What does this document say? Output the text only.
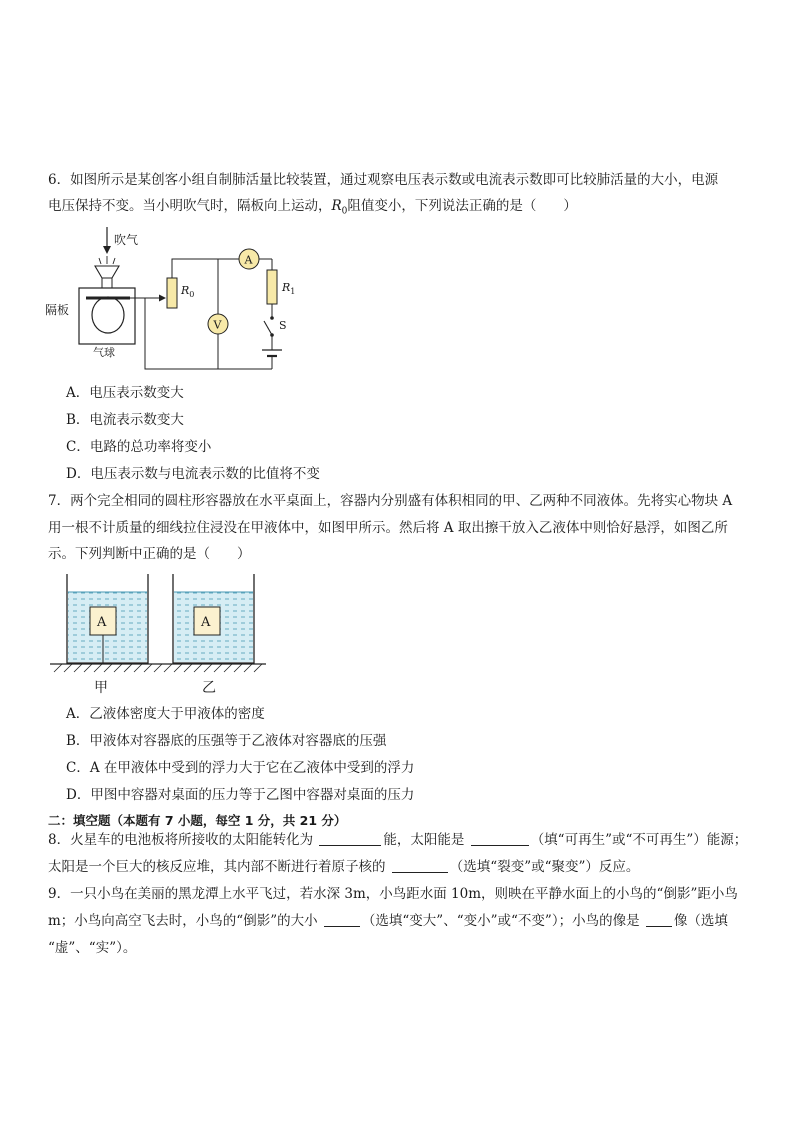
6．如图所示是某创客小组自制肺活量比较装置，通过观察电压表示数或电流表示数即可比较肺活量的大小，电源
电压保持不变。当小明吹气时，隔板向上运动，$R_0$阻值变小，下列说法正确的是（　　）
吹气
隔板
气球
$R_0$
$R_1$
A
V	S
A．电压表示数变大
B．电流表示数变大
C．电路的总功率将变小
D．电压表示数与电流表示数的比值将不变
7．两个完全相同的圆柱形容器放在水平桌面上，容器内分别盛有体积相同的甲、乙两种不同液体。先将实心物块 A
用一根不计质量的细线拉住浸没在甲液体中，如图甲所示。然后将 A 取出擦干放入乙液体中则恰好悬浮，如图乙所
示。下列判断中正确的是（　　）
A	A
甲	乙
A．乙液体密度大于甲液体的密度
B．甲液体对容器底的压强等于乙液体对容器底的压强
C．A 在甲液体中受到的浮力大于它在乙液体中受到的浮力
D．甲图中容器对桌面的压力等于乙图中容器对桌面的压力
二：填空题（本题有 7 小题，每空 1 分，共 21 分）
8．火星车的电池板将所接收的太阳能转化为	能，太阳能是	（填“可再生”或“不可再生”）能源；
太阳是一个巨大的核反应堆，其内部不断进行着原子核的	（选填“裂变”或“聚变”）反应。
9．一只小鸟在美丽的黑龙潭上水平飞过，若水深 3m，小鸟距水面 10m，则映在平静水面上的小鸟的“倒影”距小鸟
m；小鸟向高空飞去时，小鸟的“倒影”的大小	（选填“变大”、“变小”或“不变”）；小鸟的像是	像（选填
“虚”、“实”）。
